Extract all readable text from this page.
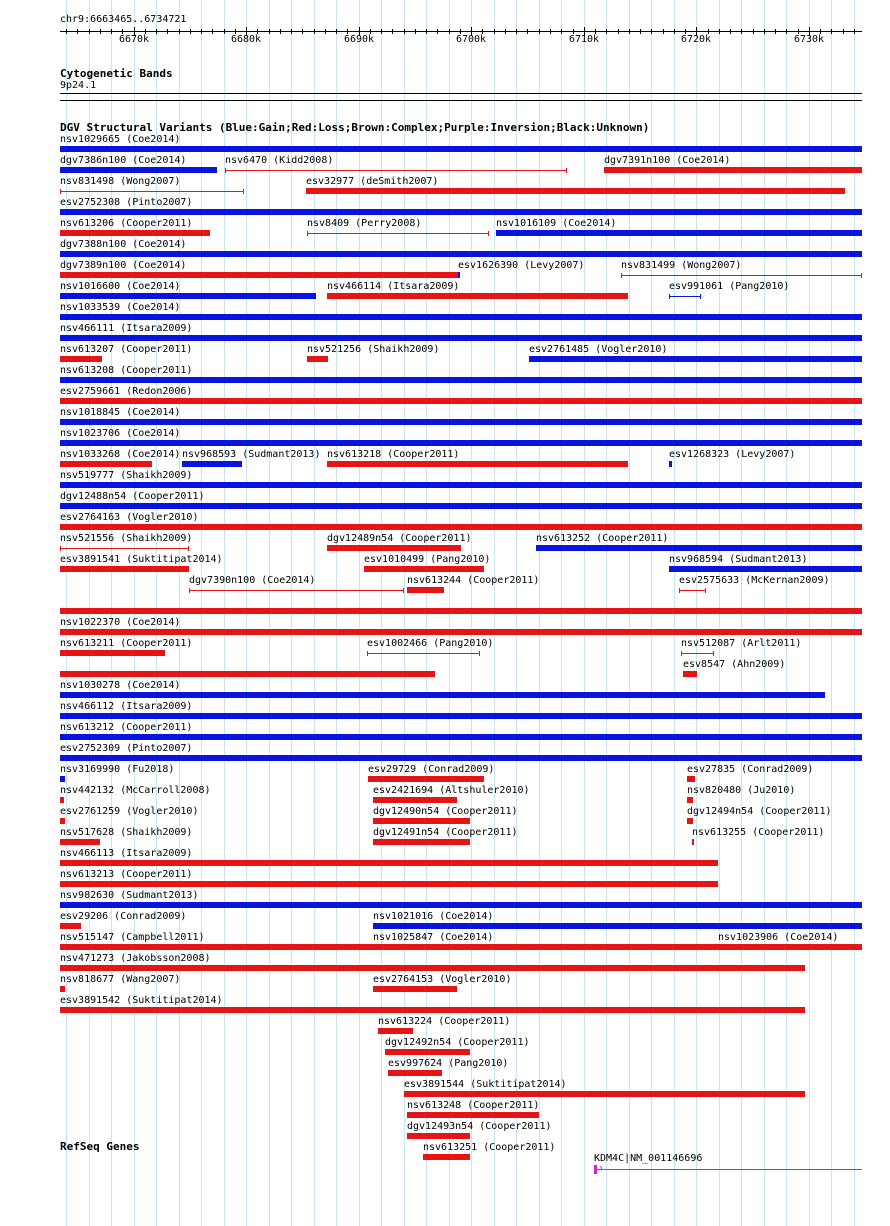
chr9:6663465..6734721
6670k	6680k	6690k	6700k	6710k	6720k	6730k
Cytogenetic Bands
9p24.1
DGV Structural Variants (Blue:Gain;Red:Loss;Brown:Complex;Purple:Inversion;Black:Unknown)
nsv1029665 (Coe2014)
dgv7386n100 (Coe2014)	nsv6470 (Kidd2008)	dgv7391n100 (Coe2014)
nsv831498 (Wong2007)	esv32977 (deSmith2007)
esv2752308 (Pinto2007)
nsv613206 (Cooper2011)	nsv8409 (Perry2008)	nsv1016109 (Coe2014)
dgv7388n100 (Coe2014)
dgv7389n100 (Coe2014)	esv1626390 (Levy2007)	nsv831499 (Wong2007)
nsv1016600 (Coe2014)	nsv466114 (Itsara2009)	esv991061 (Pang2010)
nsv1033539 (Coe2014)
nsv466111 (Itsara2009)
nsv613207 (Cooper2011)	nsv521256 (Shaikh2009)	esv2761485 (Vogler2010)
nsv613208 (Cooper2011)
esv2759661 (Redon2006)
nsv1018845 (Coe2014)
nsv1023706 (Coe2014)
nsv1033268 (Coe2014) nsv968593 (Sudmant2013) nsv613218 (Cooper2011)	esv1268323 (Levy2007)
nsv519777 (Shaikh2009)
dgv12488n54 (Cooper2011)
esv2764163 (Vogler2010)
nsv521556 (Shaikh2009)	dgv12489n54 (Cooper2011)	nsv613252 (Cooper2011)
esv3891541 (Suktitipat2014)	esv1010499 (Pang2010)	nsv968594 (Sudmant2013)
dgv7390n100 (Coe2014)	nsv613244 (Cooper2011)	esv2575633 (McKernan2009)
nsv1022370 (Coe2014)
nsv613211 (Cooper2011)	esv1002466 (Pang2010)	nsv512087 (Arlt2011)
esv8547 (Ahn2009)
nsv1030278 (Coe2014)
nsv466112 (Itsara2009)
nsv613212 (Cooper2011)
esv2752309 (Pinto2007)
nsv3169990 (Fu2018)	esv29729 (Conrad2009)	esv27835 (Conrad2009)
nsv442132 (McCarroll2008)	esv2421694 (Altshuler2010)	nsv820480 (Ju2010)
esv2761259 (Vogler2010)	dgv12490n54 (Cooper2011)	dgv12494n54 (Cooper2011)
nsv517628 (Shaikh2009)	dgv12491n54 (Cooper2011)	nsv613255 (Cooper2011)
nsv466113 (Itsara2009)
nsv613213 (Cooper2011)
nsv982630 (Sudmant2013)
esv29206 (Conrad2009)	nsv1021016 (Coe2014)
nsv515147 (Campbell2011)	nsv1025847 (Coe2014)	nsv1023906 (Coe2014)
nsv471273 (Jakobsson2008)
nsv818677 (Wang2007)	esv2764153 (Vogler2010)
esv3891542 (Suktitipat2014)
nsv613224 (Cooper2011)
dgv12492n54 (Cooper2011)
esv997624 (Pang2010)
esv3891544 (Suktitipat2014)
nsv613248 (Cooper2011)
dgv12493n54 (Cooper2011)
nsv613251 (Cooper2011)
RefSeq Genes
KDM4C|NM_001146696
›
